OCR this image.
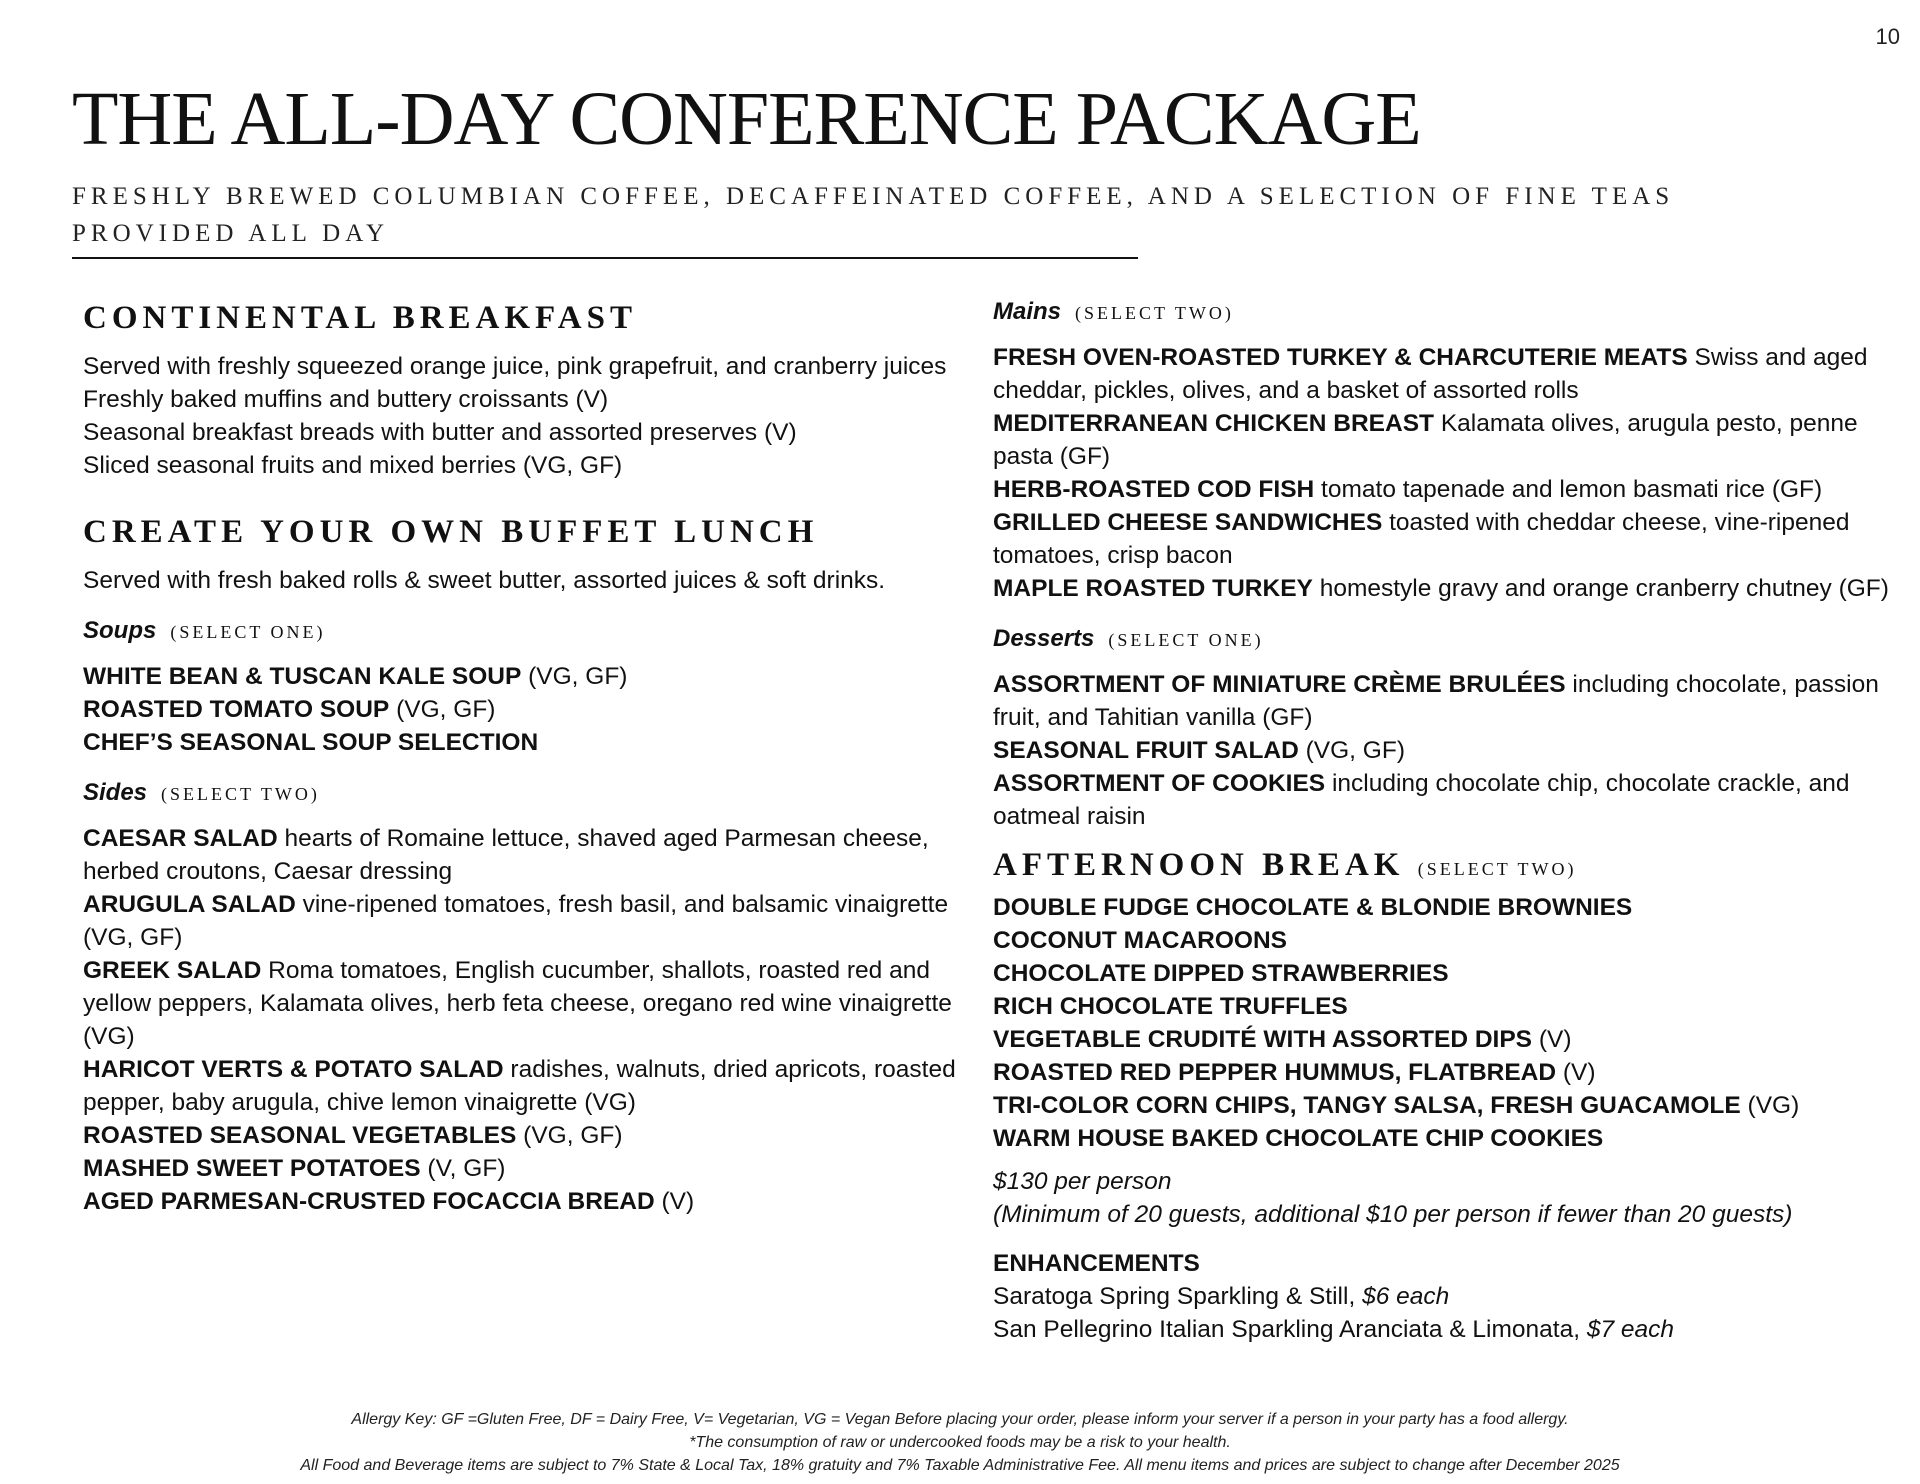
10
THE ALL-DAY CONFERENCE PACKAGE

FRESHLY BREWED COLUMBIAN COFFEE, DECAFFEINATED COFFEE, AND A SELECTION OF FINE TEAS PROVIDED ALL DAY

CONTINENTAL BREAKFAST

Served with freshly squeezed orange juice, pink grapefruit, and cranberry juices

Freshly baked muffins and buttery croissants (V)

Seasonal breakfast breads with butter and assorted preserves (V)

Sliced seasonal fruits and mixed berries (VG, GF)

CREATE YOUR OWN BUFFET LUNCH

Served with fresh baked rolls & sweet butter, assorted juices & soft drinks.

Soups (SELECT ONE)

WHITE BEAN & TUSCAN KALE SOUP (VG, GF)

ROASTED TOMATO SOUP (VG, GF)

CHEF’S SEASONAL SOUP SELECTION

Sides (SELECT TWO)

CAESAR SALAD hearts of Romaine lettuce, shaved aged Parmesan cheese, herbed croutons, Caesar dressing

ARUGULA SALAD vine-ripened tomatoes, fresh basil, and balsamic vinaigrette (VG, GF)

GREEK SALAD Roma tomatoes, English cucumber, shallots, roasted red and yellow peppers, Kalamata olives, herb feta cheese, oregano red wine vinaigrette (VG)

HARICOT VERTS & POTATO SALAD radishes, walnuts, dried apricots, roasted pepper, baby arugula, chive lemon vinaigrette (VG)

ROASTED SEASONAL VEGETABLES (VG, GF)

MASHED SWEET POTATOES (V, GF)

AGED PARMESAN-CRUSTED FOCACCIA BREAD (V)

Mains (SELECT TWO)

FRESH OVEN-ROASTED TURKEY & CHARCUTERIE MEATS Swiss and aged cheddar, pickles, olives, and a basket of assorted rolls

MEDITERRANEAN CHICKEN BREAST Kalamata olives, arugula pesto, penne pasta (GF)

HERB-ROASTED COD FISH tomato tapenade and lemon basmati rice (GF)

GRILLED CHEESE SANDWICHES toasted with cheddar cheese, vine-ripened tomatoes, crisp bacon

MAPLE ROASTED TURKEY homestyle gravy and orange cranberry chutney (GF)

Desserts (SELECT ONE)

ASSORTMENT OF MINIATURE CRÈME BRULÉES including chocolate, passion fruit, and Tahitian vanilla (GF)

SEASONAL FRUIT SALAD (VG, GF)

ASSORTMENT OF COOKIES including chocolate chip, chocolate crackle, and oatmeal raisin

AFTERNOON BREAK (SELECT TWO)

DOUBLE FUDGE CHOCOLATE & BLONDIE BROWNIES

COCONUT MACAROONS

CHOCOLATE DIPPED STRAWBERRIES

RICH CHOCOLATE TRUFFLES

VEGETABLE CRUDITÉ WITH ASSORTED DIPS (V)

ROASTED RED PEPPER HUMMUS, FLATBREAD (V)

TRI-COLOR CORN CHIPS, TANGY SALSA, FRESH GUACAMOLE (VG)

WARM HOUSE BAKED CHOCOLATE CHIP COOKIES

$130 per person

(Minimum of 20 guests, additional $10 per person if fewer than 20 guests)

ENHANCEMENTS

Saratoga Spring Sparkling & Still, $6 each

San Pellegrino Italian Sparkling Aranciata & Limonata, $7 each

Allergy Key: GF =Gluten Free, DF = Dairy Free, V= Vegetarian, VG = Vegan Before placing your order, please inform your server if a person in your party has a food allergy.

*The consumption of raw or undercooked foods may be a risk to your health.

All Food and Beverage items are subject to 7% State & Local Tax, 18% gratuity and 7% Taxable Administrative Fee. All menu items and prices are subject to change after December 2025
